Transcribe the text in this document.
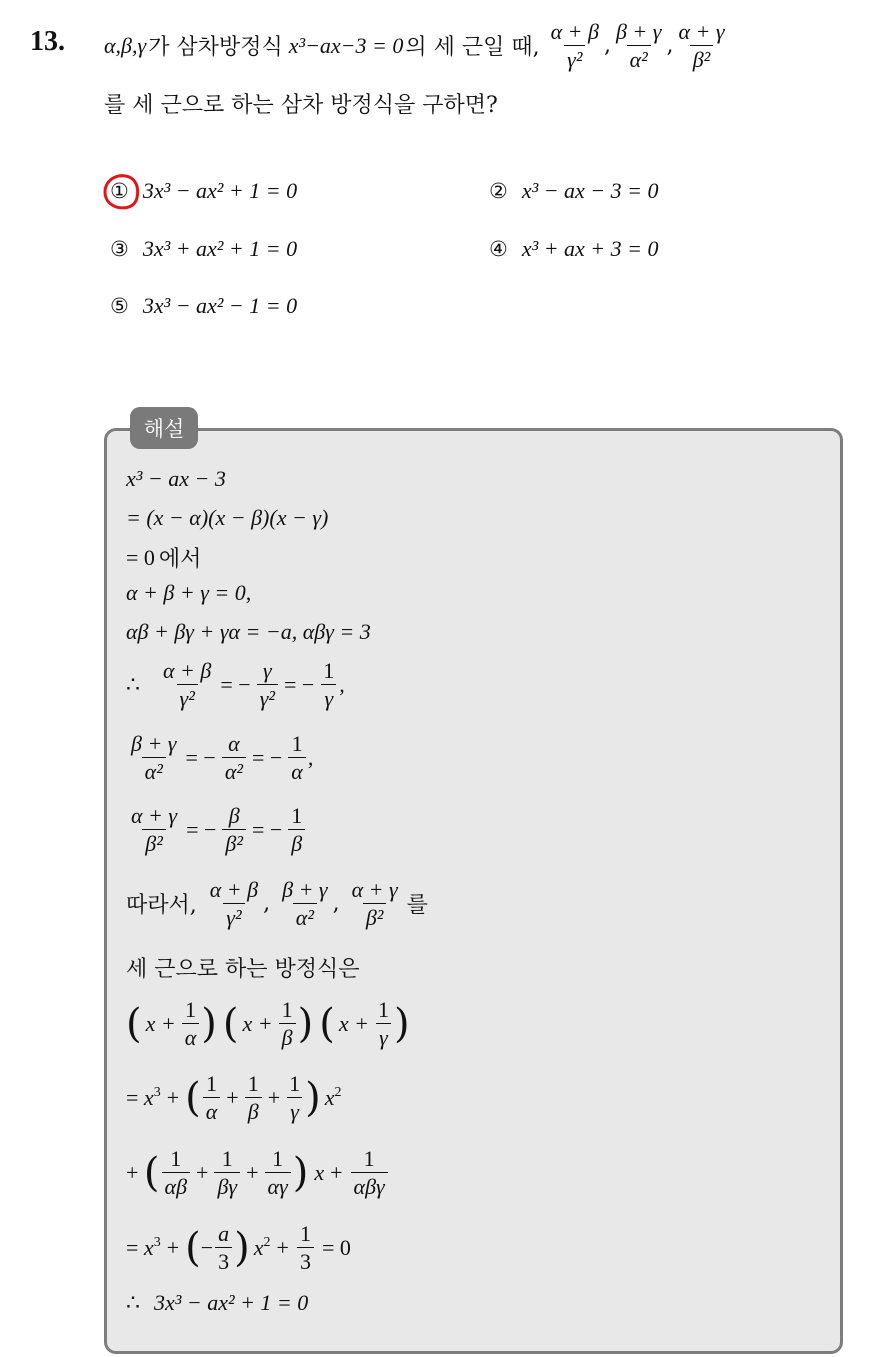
13. α,β,γ 가 삼차방정식 x³−ax−3 = 0 의 세 근일 때, $\frac{\alpha + \beta}{\text{γ²}}$ , $\frac{\beta + \gamma}{\text{α²}}$ , $\frac{\alpha + \gamma}{\text{β²}}$
를 세 근으로 하는 삼차 방정식을 구하면?
① 3x³ − ax² + 1 = 0	② x³ − ax − 3 = 0
③ 3x³ + ax² + 1 = 0	④ x³ + ax + 3 = 0
⑤ 3x³ − ax² − 1 = 0
해설
x³ − ax − 3
= (x − α)(x − β)(x − γ)
= 0 에서
α + β + γ = 0,
αβ + βγ + γα = −a, αβγ = 3
∴ $\frac{\alpha + \beta}{\text{γ²}}$ = − $\frac{\gamma}{\text{γ²}}$ = − $\frac{1}{\gamma}$ ,
$\frac{\beta + \gamma}{\text{α²}}$ = − $\frac{\alpha}{\text{α²}}$ = − $\frac{1}{\alpha}$ ,
$\frac{\alpha + \gamma}{\text{β²}}$ = − $\frac{\beta}{\text{β²}}$ = − $\frac{1}{\beta}$
따라서, $\frac{\alpha + \beta}{\text{γ²}}$ , $\frac{\beta + \gamma}{\text{α²}}$ , $\frac{\alpha + \gamma}{\text{β²}}$ 를
세 근으로 하는 방정식은
( $x + \frac{1}{\alpha}$ ) ( $x + \frac{1}{\beta}$ ) ( $x + \frac{1}{\gamma}$ )
= $x^3$ + ( $\frac{1}{\alpha} + \frac{1}{\beta} + \frac{1}{\gamma}$ ) $x^2$
+ ( $\frac{1}{\alpha\beta} + \frac{1}{\beta\gamma} + \frac{1}{\alpha\gamma}$ ) $x + \frac{1}{\text{αβγ}}$
= $x^3$ + ( − $\frac{a}{3}$ ) $x^2 + \frac{1}{3} = 0$
∴ 3x³ − ax² + 1 = 0
